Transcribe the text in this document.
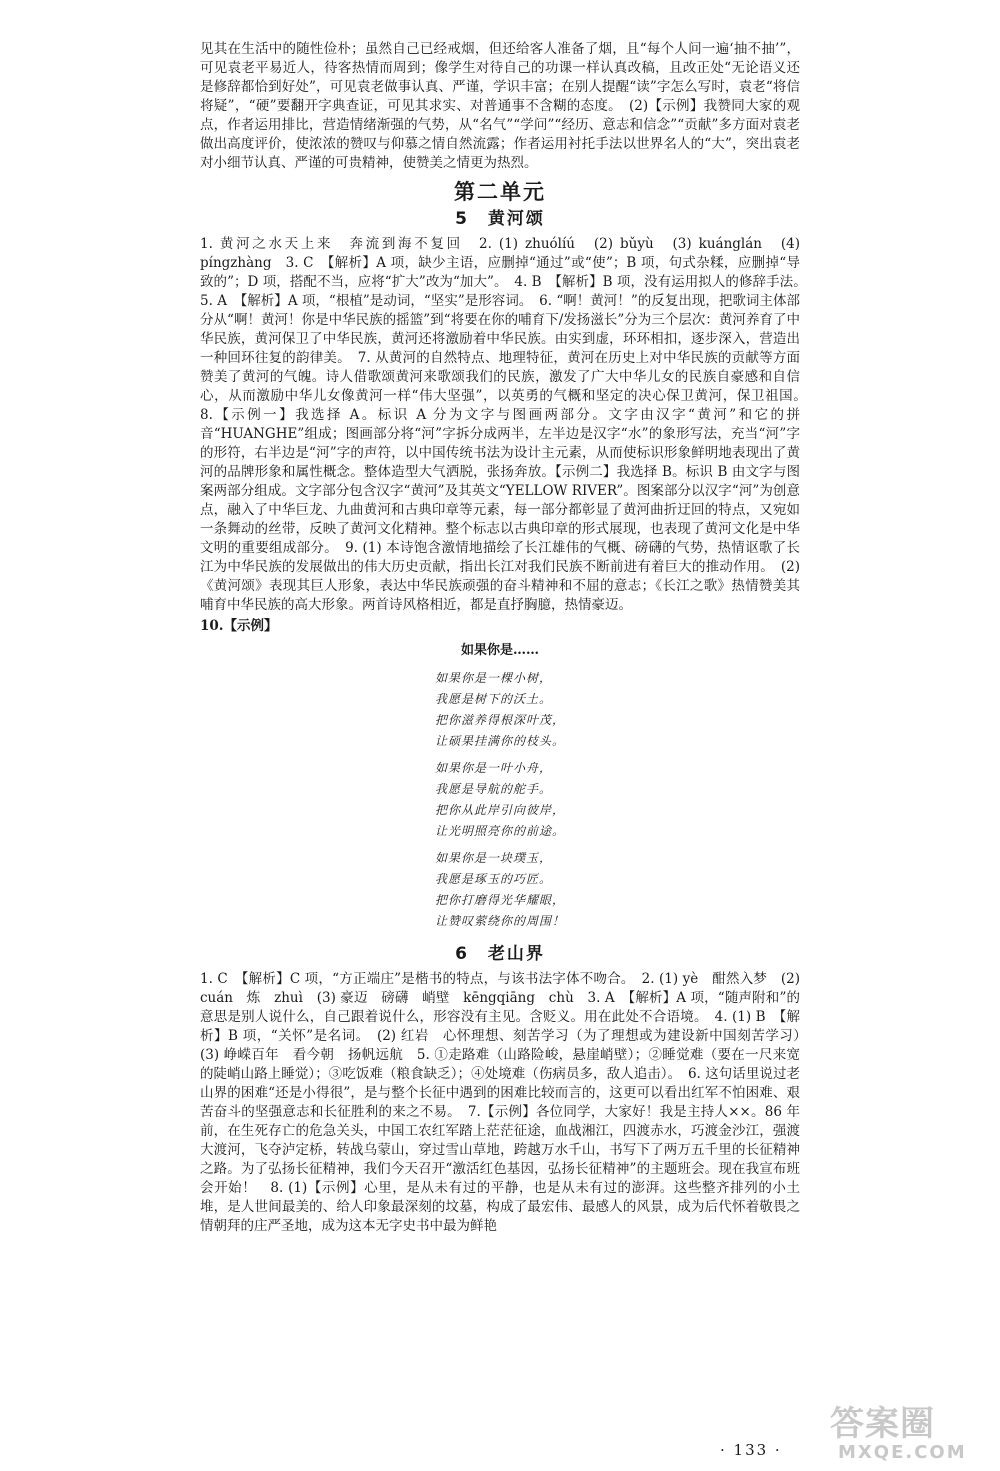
见其在生活中的随性俭朴；虽然自己已经戒烟，但还给客人准备了烟，且“每个人问一遍‘抽不抽’”，可见袁老平易近人，待客热情而周到；像学生对待自己的功课一样认真改稿，且改正处“无论语义还是修辞都恰到好处”，可见袁老做事认真、严谨，学识丰富；在别人提醒“读”字怎么写时，袁老“将信将疑”，“硬”要翻开字典查证，可见其求实、对普通事不含糊的态度。　(2)【示例】我赞同大家的观点，作者运用排比，营造情绪渐强的气势，从“名气”“学问”“经历、意志和信念”“贡献”多方面对袁老做出高度评价，使浓浓的赞叹与仰慕之情自然流露；作者运用衬托手法以世界名人的“大”，突出袁老对小细节认真、严谨的可贵精神，使赞美之情更为热烈。

第二单元
5　黄河颂

1. 黄河之水天上来　奔流到海不复回　2. (1) zhuólíú　(2) bǔyù　(3) kuánglán　(4) píngzhàng　3. C　【解析】A 项，缺少主语，应删掉“通过”或“使”；B 项，句式杂糅，应删掉“导致的”；D 项，搭配不当，应将“扩大”改为“加大”。　4. B　【解析】B 项，没有运用拟人的修辞手法。　5. A　【解析】A 项，“根植”是动词，“坚实”是形容词。　6. “啊！黄河！”的反复出现，把歌词主体部分从“啊！黄河！你是中华民族的摇篮”到“将要在你的哺育下/发扬滋长”分为三个层次：黄河养育了中华民族，黄河保卫了中华民族，黄河还将激励着中华民族。由实到虚，环环相扣，逐步深入，营造出一种回环往复的韵律美。　7. 从黄河的自然特点、地理特征，黄河在历史上对中华民族的贡献等方面赞美了黄河的气魄。诗人借歌颂黄河来歌颂我们的民族，激发了广大中华儿女的民族自豪感和自信心，从而激励中华儿女像黄河一样“伟大坚强”，以英勇的气概和坚定的决心保卫黄河，保卫祖国。　8.【示例一】我选择 A。标识 A 分为文字与图画两部分。文字由汉字“黄河”和它的拼音“HUANGHE”组成；图画部分将“河”字拆分成两半，左半边是汉字“水”的象形写法，充当“河”字的形符，右半边是“河”字的声符，以中国传统书法为设计主元素，从而使标识形象鲜明地表现出了黄河的品牌形象和属性概念。整体造型大气洒脱，张扬奔放。【示例二】我选择 B。标识 B 由文字与图案两部分组成。文字部分包含汉字“黄河”及其英文“YELLOW RIVER”。图案部分以汉字“河”为创意点，融入了中华巨龙、九曲黄河和古典印章等元素，每一部分都彰显了黄河曲折迂回的特点，又宛如一条舞动的丝带，反映了黄河文化精神。整个标志以古典印章的形式展现，也表现了黄河文化是中华文明的重要组成部分。　9. (1) 本诗饱含激情地描绘了长江雄伟的气概、磅礴的气势，热情讴歌了长江为中华民族的发展做出的伟大历史贡献，指出长江对我们民族不断前进有着巨大的推动作用。　(2)《黄河颂》表现其巨人形象，表达中华民族顽强的奋斗精神和不屈的意志；《长江之歌》热情赞美其哺育中华民族的高大形象。两首诗风格相近，都是直抒胸臆，热情豪迈。

10.【示例】
如果你是……
如果你是一棵小树，
我愿是树下的沃土。
把你滋养得根深叶茂，
让硕果挂满你的枝头。
如果你是一叶小舟，
我愿是导航的舵手。
把你从此岸引向彼岸，
让光明照亮你的前途。
如果你是一块璞玉，
我愿是琢玉的巧匠。
把你打磨得光华耀眼，
让赞叹萦绕你的周围！
6　老山界

1. C　【解析】C 项，“方正端庄”是楷书的特点，与该书法字体不吻合。　2. (1) yè　酣然入梦　(2) cuán　炼　zhuì　(3) 豪迈　磅礴　峭壁　kēngqiāng　chù　3. A　【解析】A 项，“随声附和”的意思是别人说什么，自己跟着说什么，形容没有主见。含贬义。用在此处不合语境。　4. (1) B　【解析】B 项，“关怀”是名词。　(2) 红岩　心怀理想、刻苦学习（为了理想或为建设新中国刻苦学习）　(3) 峥嵘百年　看今朝　扬帆远航　5. ①走路难（山路险峻，悬崖峭壁）；②睡觉难（要在一尺来宽的陡峭山路上睡觉）；③吃饭难（粮食缺乏）；④处境难（伤病员多，敌人追击）。　6. 这句话里说过老山界的困难“还是小得很”，是与整个长征中遇到的困难比较而言的，这更可以看出红军不怕困难、艰苦奋斗的坚强意志和长征胜利的来之不易。　7.【示例】各位同学，大家好！我是主持人××。86 年前，在生死存亡的危急关头，中国工农红军踏上茫茫征途，血战湘江，四渡赤水，巧渡金沙江，强渡大渡河，飞夺泸定桥，转战乌蒙山，穿过雪山草地，跨越万水千山，书写下了两万五千里的长征精神之路。为了弘扬长征精神，我们今天召开“激活红色基因，弘扬长征精神”的主题班会。现在我宣布班会开始！　8. (1)【示例】心里，是从未有过的平静，也是从未有过的澎湃。这些整齐排列的小土堆，是人世间最美的、给人印象最深刻的坟墓，构成了最宏伟、最感人的风景，成为后代怀着敬畏之情朝拜的庄严圣地，成为这本无字史书中最为鲜艳

· 133 ·
答案圈
MXQE.COM
